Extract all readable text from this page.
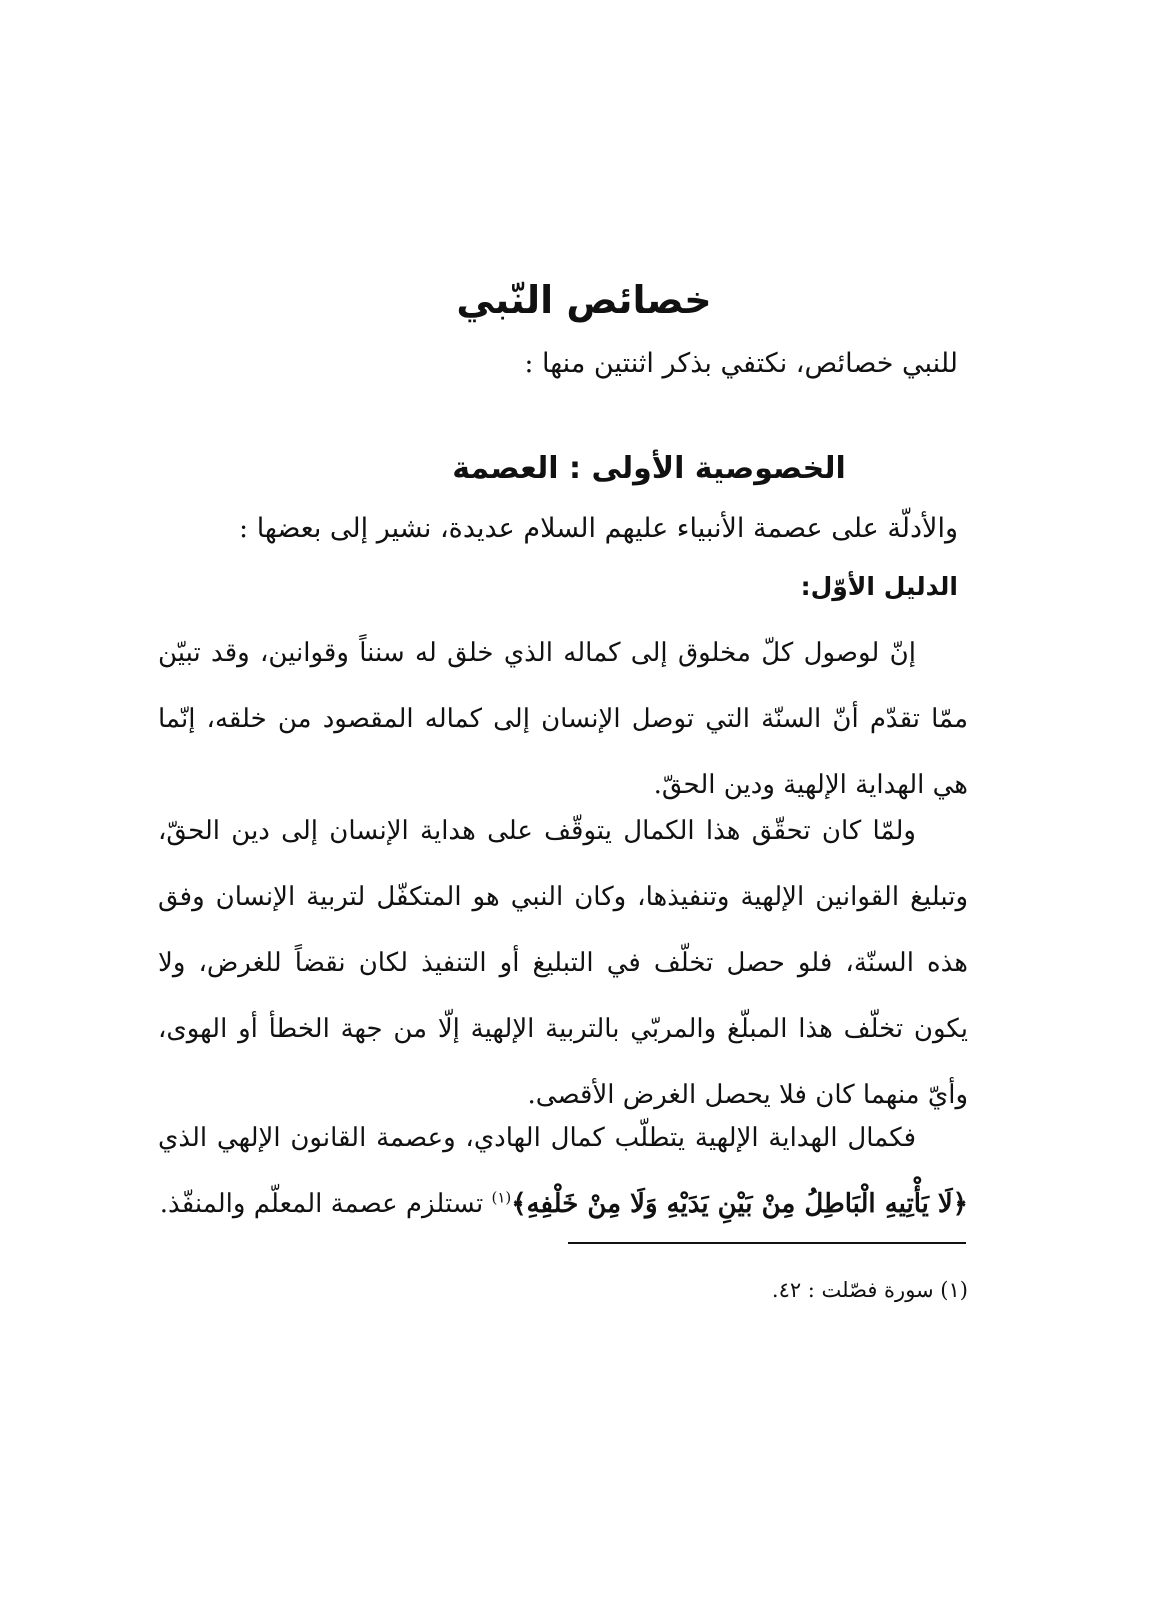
خصائص النّبي

للنبي خصائص، نكتفي بذكر اثنتين منها :

الخصوصية الأولى : العصمة

والأدلّة على عصمة الأنبياء عليهم السلام عديدة، نشير إلى بعضها :

الدليل الأوّل:

إنّ لوصول كلّ مخلوق إلى كماله الذي خلق له سنناً وقوانين، وقد تبيّن ممّا تقدّم أنّ السنّة التي توصل الإنسان إلى كماله المقصود من خلقه، إنّما هي الهداية الإلهية ودين الحقّ.

ولمّا كان تحقّق هذا الكمال يتوقّف على هداية الإنسان إلى دين الحقّ، وتبليغ القوانين الإلهية وتنفيذها، وكان النبي هو المتكفّل لتربية الإنسان وفق هذه السنّة، فلو حصل تخلّف في التبليغ أو التنفيذ لكان نقضاً للغرض، ولا يكون تخلّف هذا المبلّغ والمربّي بالتربية الإلهية إلّا من جهة الخطأ أو الهوى، وأيّ منهما كان فلا يحصل الغرض الأقصى.

فكمال الهداية الإلهية يتطلّب كمال الهادي، وعصمة القانون الإلهي الذي ﴿لَا يَأْتِيهِ الْبَاطِلُ مِنْ بَيْنِ يَدَيْهِ وَلَا مِنْ خَلْفِهِ﴾$^{(١)}$ تستلزم عصمة المعلّم والمنفّذ.

(١) سورة فصّلت : ٤٢.
